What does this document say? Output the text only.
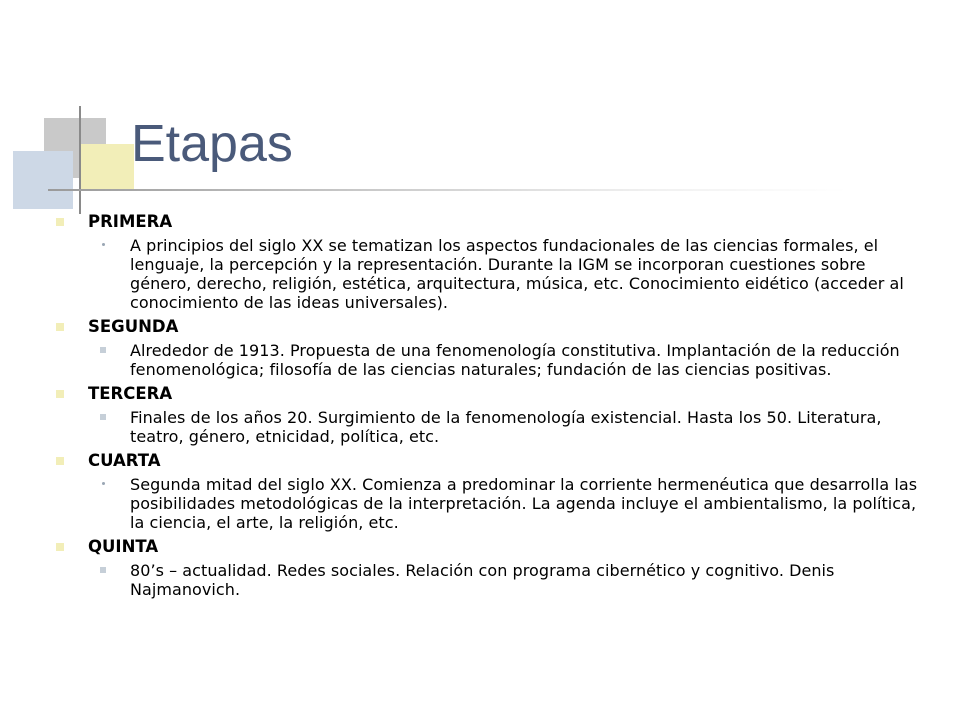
Etapas
PRIMERA
A principios del siglo XX se tematizan los aspectos fundacionales de las ciencias formales, el lenguaje, la percepción y la representación. Durante la IGM se incorporan cuestiones sobre género, derecho, religión, estética, arquitectura, música, etc. Conocimiento eidético (acceder al conocimiento de las ideas universales).
SEGUNDA
Alrededor de 1913. Propuesta de una fenomenología constitutiva. Implantación de la reducción fenomenológica; filosofía de las ciencias naturales; fundación de las ciencias positivas.
TERCERA
Finales de los años 20. Surgimiento de la fenomenología existencial. Hasta los 50. Literatura, teatro, género, etnicidad, política, etc.
CUARTA
Segunda mitad del siglo XX. Comienza a predominar la corriente hermenéutica que desarrolla las posibilidades metodológicas de la interpretación. La agenda incluye el ambientalismo, la política, la ciencia, el arte, la religión, etc.
QUINTA
80’s – actualidad. Redes sociales. Relación con programa cibernético y cognitivo. Denis Najmanovich.
